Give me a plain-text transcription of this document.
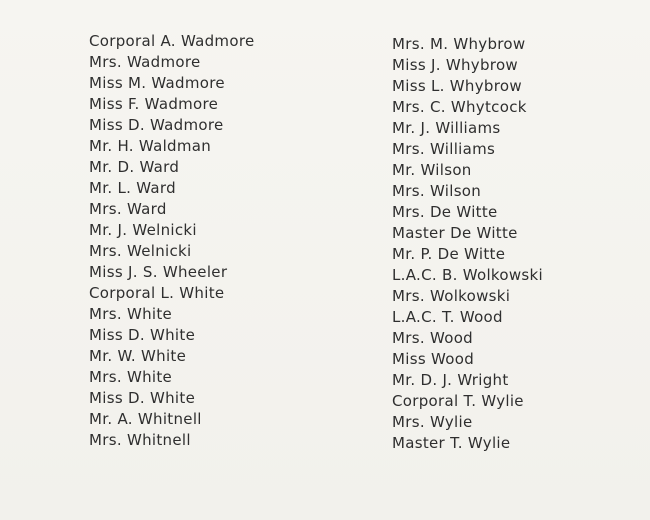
Corporal A. Wadmore
Mrs. Wadmore
Miss M. Wadmore
Miss F. Wadmore
Miss D. Wadmore
Mr. H. Waldman
Mr. D. Ward
Mr. L. Ward
Mrs. Ward
Mr. J. Welnicki
Mrs. Welnicki
Miss J. S. Wheeler
Corporal L. White
Mrs. White
Miss D. White
Mr. W. White
Mrs. White
Miss D. White
Mr. A. Whitnell
Mrs. Whitnell
Mrs. M. Whybrow
Miss J. Whybrow
Miss L. Whybrow
Mrs. C. Whytcock
Mr. J. Williams
Mrs. Williams
Mr. Wilson
Mrs. Wilson
Mrs. De Witte
Master De Witte
Mr. P. De Witte
L.A.C. B. Wolkowski
Mrs. Wolkowski
L.A.C. T. Wood
Mrs. Wood
Miss Wood
Mr. D. J. Wright
Corporal T. Wylie
Mrs. Wylie
Master T. Wylie
